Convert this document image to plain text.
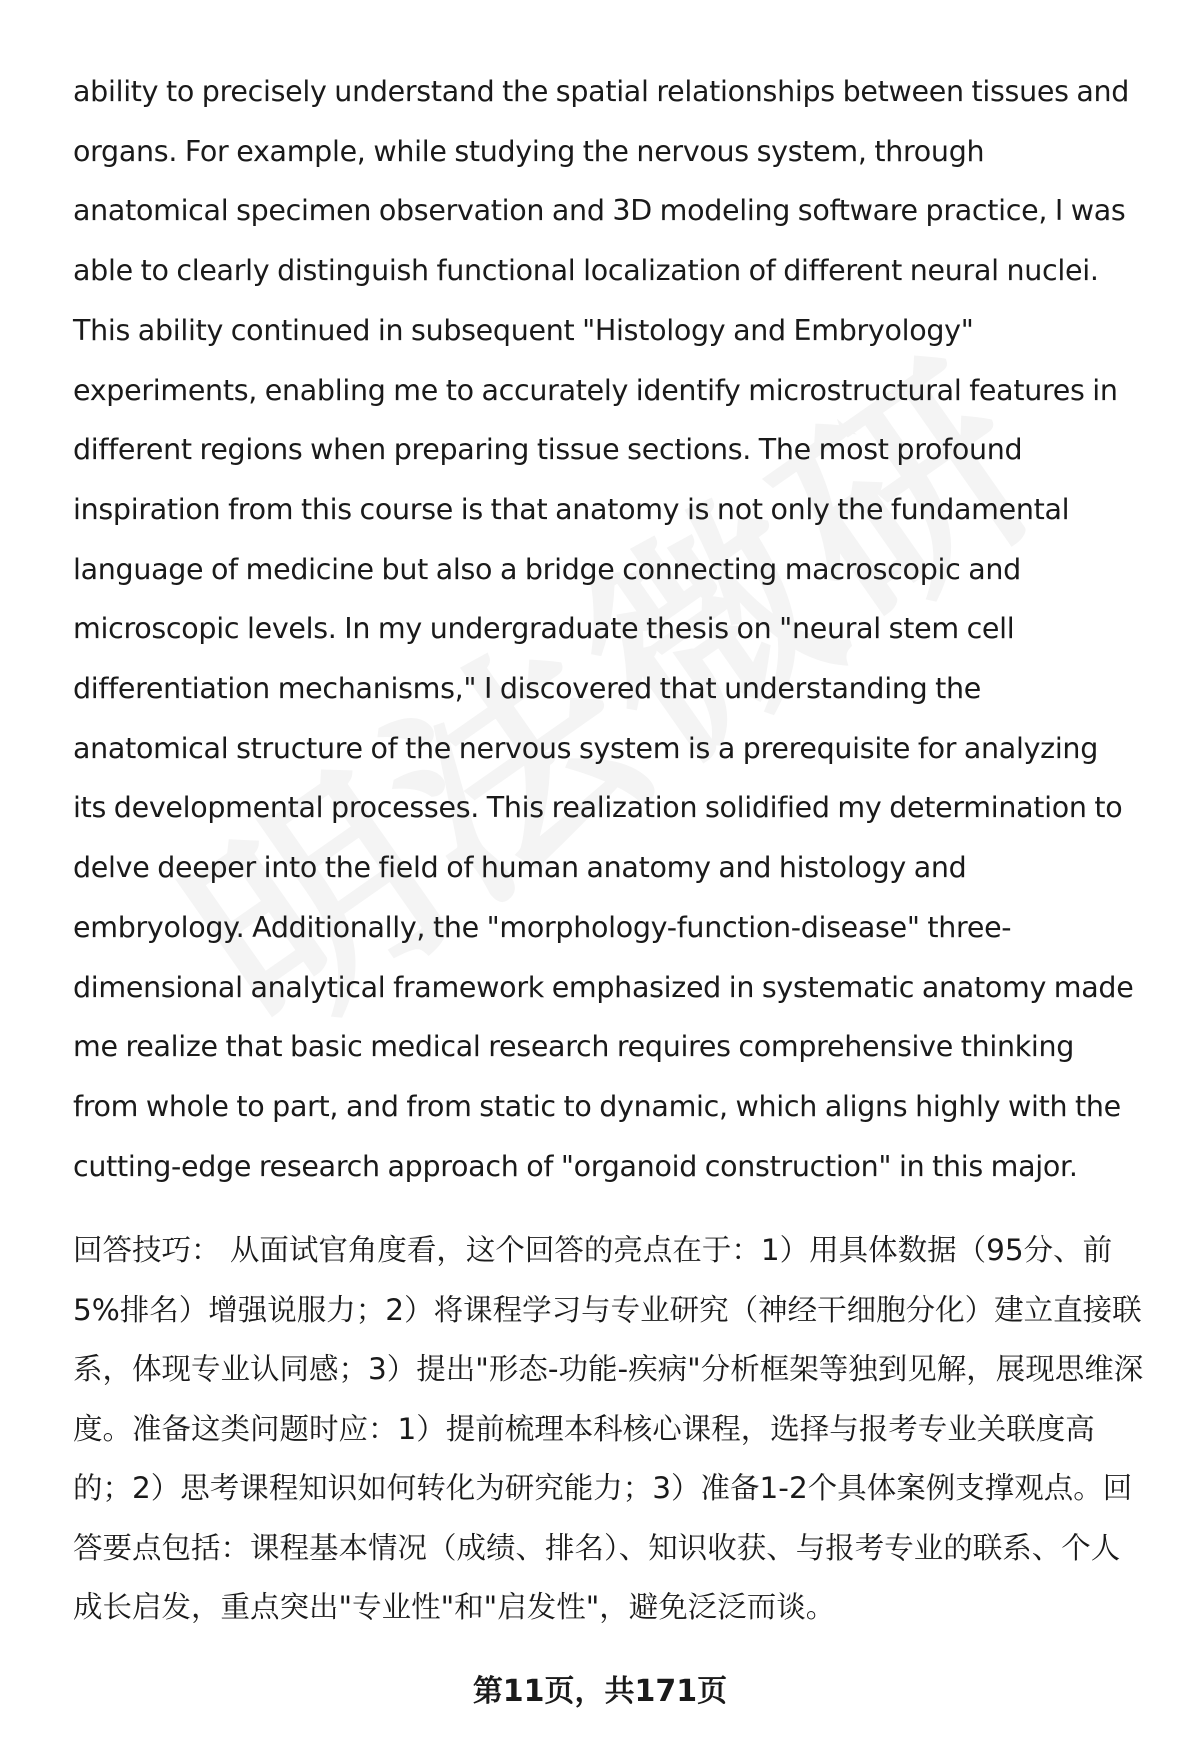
ability to precisely understand the spatial relationships between tissues and
organs. For example, while studying the nervous system, through
anatomical specimen observation and 3D modeling software practice, I was
able to clearly distinguish functional localization of different neural nuclei.
This ability continued in subsequent "Histology and Embryology"
experiments, enabling me to accurately identify microstructural features in
different regions when preparing tissue sections. The most profound
inspiration from this course is that anatomy is not only the fundamental
language of medicine but also a bridge connecting macroscopic and
microscopic levels. In my undergraduate thesis on "neural stem cell
differentiation mechanisms," I discovered that understanding the
anatomical structure of the nervous system is a prerequisite for analyzing
its developmental processes. This realization solidified my determination to
delve deeper into the field of human anatomy and histology and
embryology. Additionally, the "morphology-function-disease" three-
dimensional analytical framework emphasized in systematic anatomy made
me realize that basic medical research requires comprehensive thinking
from whole to part, and from static to dynamic, which aligns highly with the
cutting-edge research approach of "organoid construction" in this major.
回答技巧： 从面试官角度看，这个回答的亮点在于：1）用具体数据（95分、前
5%排名）增强说服力；2）将课程学习与专业研究（神经干细胞分化）建立直接联
系，体现专业认同感；3）提出"形态-功能-疾病"分析框架等独到见解，展现思维深
度。准备这类问题时应：1）提前梳理本科核心课程，选择与报考专业关联度高
的；2）思考课程知识如何转化为研究能力；3）准备1-2个具体案例支撑观点。回
答要点包括：课程基本情况（成绩、排名）、知识收获、与报考专业的联系、个人
成长启发，重点突出"专业性"和"启发性"，避免泛泛而谈。
第11页，共171页
